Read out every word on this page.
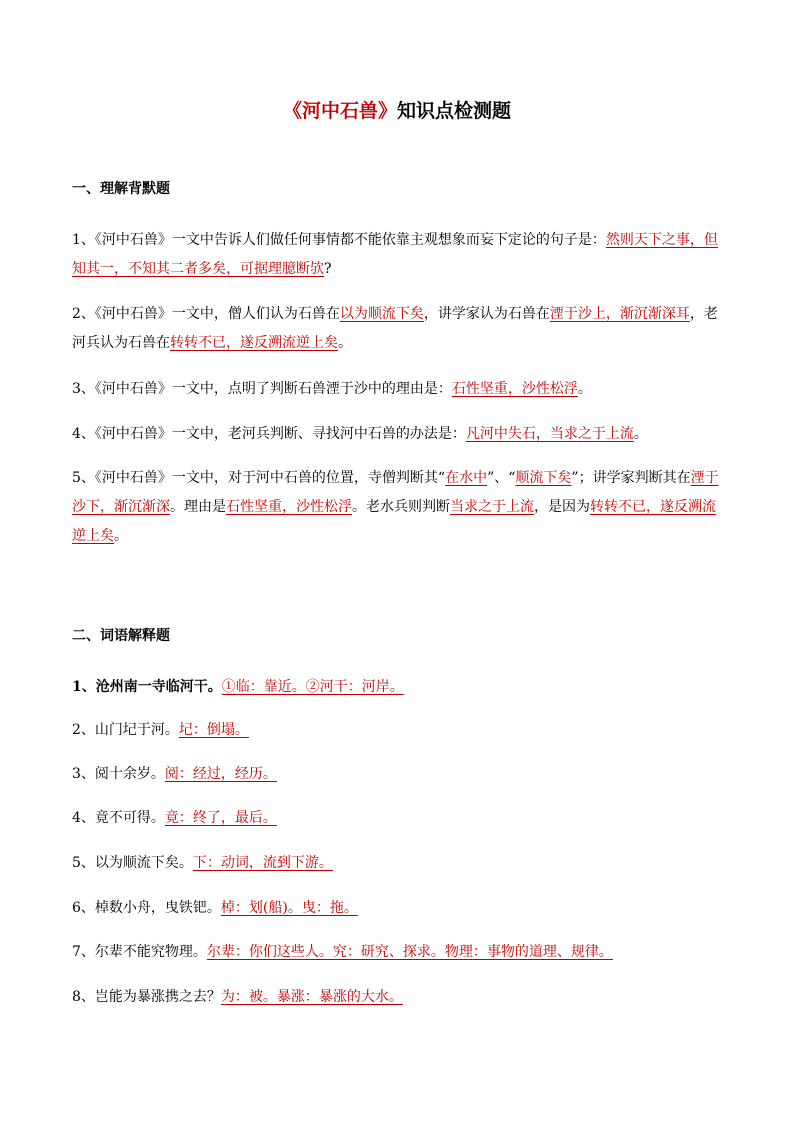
《河中石兽》知识点检测题
一、理解背默题
1、《河中石兽》一文中告诉人们做任何事情都不能依靠主观想象而妄下定论的句子是：然则天下之事，但知其一，不知其二者多矣，可据理臆断欤?
2、《河中石兽》一文中，僧人们认为石兽在以为顺流下矣，讲学家认为石兽在湮于沙上，渐沉渐深耳，老河兵认为石兽在转转不已，遂反溯流逆上矣。
3、《河中石兽》一文中，点明了判断石兽湮于沙中的理由是：石性坚重，沙性松浮。
4、《河中石兽》一文中，老河兵判断、寻找河中石兽的办法是：凡河中失石，当求之于上流。
5、《河中石兽》一文中，对于河中石兽的位置，寺僧判断其“在水中”、“顺流下矣”；讲学家判断其在湮于沙下，渐沉渐深。理由是石性坚重，沙性松浮。老水兵则判断当求之于上流，是因为转转不已，遂反溯流逆上矣。
二、词语解释题
1、沧州南一寺临河干。①临：靠近。②河干：河岸。
2、山门圮于河。圮：倒塌。
3、阅十余岁。阅：经过，经历。
4、竟不可得。竟：终了，最后。
5、以为顺流下矣。下：动词，流到下游。
6、棹数小舟，曳铁钯。棹：划(船)。曳：拖。
7、尔辈不能究物理。尔辈：你们这些人。究：研究、探求。物理：事物的道理、规律。
8、岂能为暴涨携之去？为：被。暴涨：暴涨的大水。
